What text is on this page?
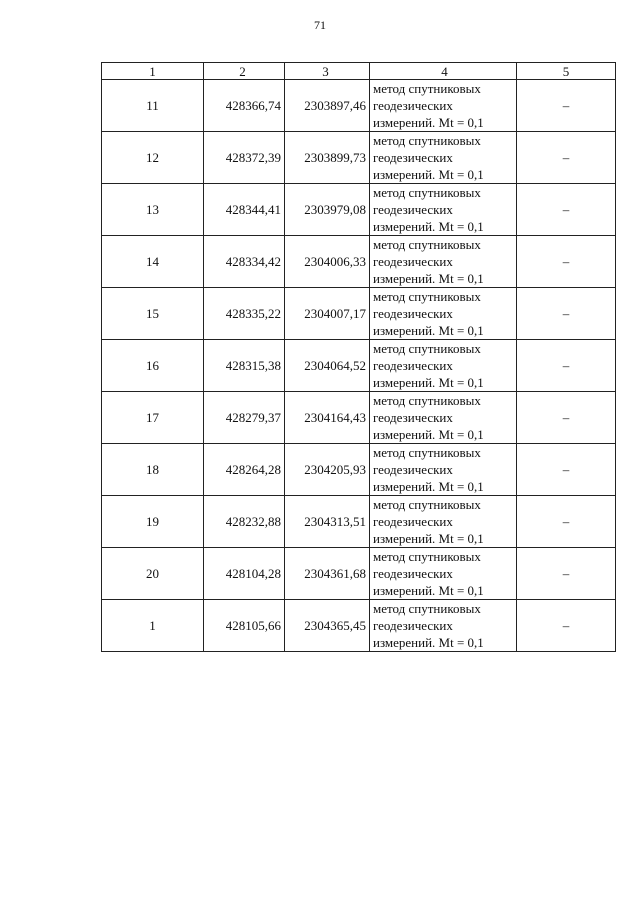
71
1	2	3	4	5
11	428366,74	2303897,46	метод спутниковых
геодезических
измерений. Mt = 0,1	–
12	428372,39	2303899,73	метод спутниковых
геодезических
измерений. Mt = 0,1	–
13	428344,41	2303979,08	метод спутниковых
геодезических
измерений. Mt = 0,1	–
14	428334,42	2304006,33	метод спутниковых
геодезических
измерений. Mt = 0,1	–
15	428335,22	2304007,17	метод спутниковых
геодезических
измерений. Mt = 0,1	–
16	428315,38	2304064,52	метод спутниковых
геодезических
измерений. Mt = 0,1	–
17	428279,37	2304164,43	метод спутниковых
геодезических
измерений. Mt = 0,1	–
18	428264,28	2304205,93	метод спутниковых
геодезических
измерений. Mt = 0,1	–
19	428232,88	2304313,51	метод спутниковых
геодезических
измерений. Mt = 0,1	–
20	428104,28	2304361,68	метод спутниковых
геодезических
измерений. Mt = 0,1	–
1	428105,66	2304365,45	метод спутниковых
геодезических
измерений. Mt = 0,1	–
